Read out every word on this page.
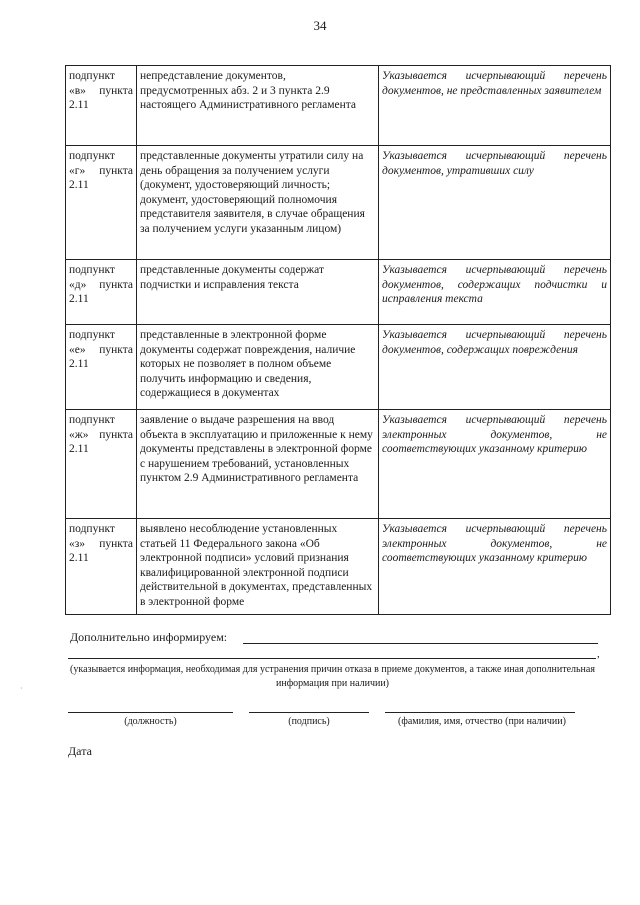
34
подпункт «в» пункта 2.11	непредставление документов, предусмотренных абз. 2 и 3 пункта 2.9 настоящего Административного регламента	Указывается исчерпывающий перечень документов, не представленных заявителем
подпункт «г» пункта 2.11	представленные документы утратили силу на день обращения за получением услуги (документ, удостоверяющий личность; документ, удостоверяющий полномочия представителя заявителя, в случае обращения за получением услуги указанным лицом)	Указывается исчерпывающий перечень документов, утративших силу
подпункт «д» пункта 2.11	представленные документы содержат подчистки и исправления текста	Указывается исчерпывающий перечень документов, содержащих подчистки и исправления текста
подпункт «е» пункта 2.11	представленные в электронной форме документы содержат повреждения, наличие которых не позволяет в полном объеме получить информацию и сведения, содержащиеся в документах	Указывается исчерпывающий перечень документов, содержащих повреждения
подпункт «ж» пункта 2.11	заявление о выдаче разрешения на ввод объекта в эксплуатацию и приложенные к нему документы представлены в электронной форме с нарушением требований, установленных пунктом 2.9 Административного регламента	Указывается исчерпывающий перечень электронных документов, не соответствующих указанному критерию
подпункт «з» пункта 2.11	выявлено несоблюдение установленных статьей 11 Федерального закона «Об электронной подписи» условий признания квалифицированной электронной подписи действительной в документах, представленных в электронной форме	Указывается исчерпывающий перечень электронных документов, не соответствующих указанному критерию
Дополнительно информируем:
,
(указывается информация, необходимая для устранения причин отказа в приеме документов, а также иная дополнительная информация при наличии)
·
(должность)	(подпись)	(фамилия, имя, отчество (при наличии)
Дата
